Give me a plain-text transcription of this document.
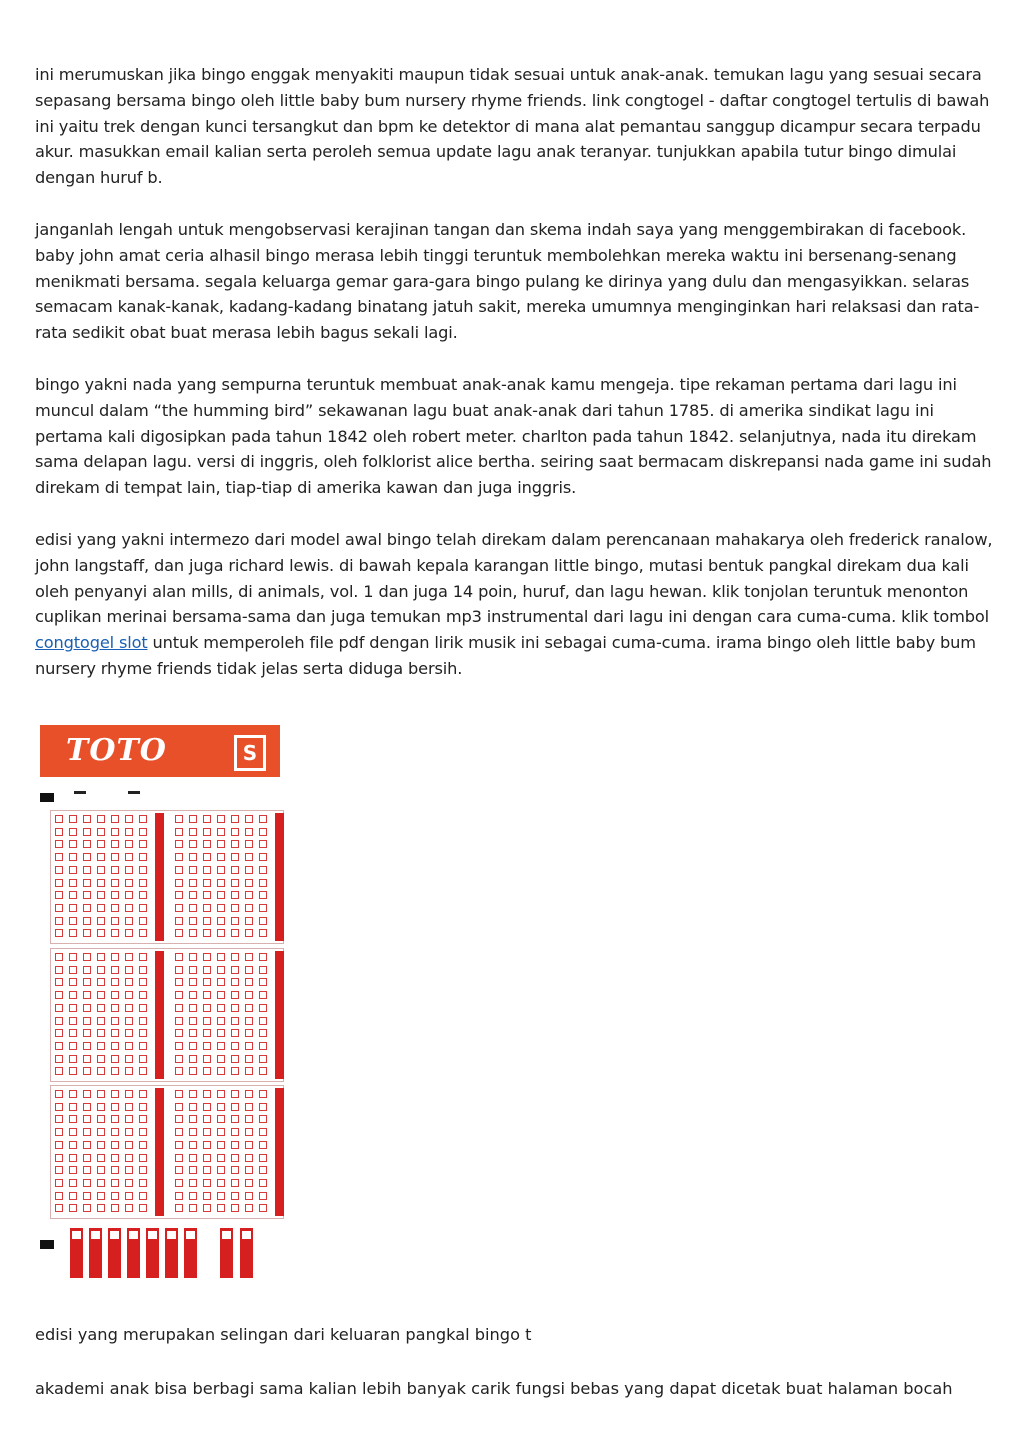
ini merumuskan jika bingo enggak menyakiti maupun tidak sesuai untuk anak-anak. temukan lagu yang sesuai secara sepasang bersama bingo oleh little baby bum nursery rhyme friends. link congtogel - daftar congtogel tertulis di bawah ini yaitu trek dengan kunci tersangkut dan bpm ke detektor di mana alat pemantau sanggup dicampur secara terpadu akur. masukkan email kalian serta peroleh semua update lagu anak teranyar. tunjukkan apabila tutur bingo dimulai dengan huruf b.

janganlah lengah untuk mengobservasi kerajinan tangan dan skema indah saya yang menggembirakan di facebook. baby john amat ceria alhasil bingo merasa lebih tinggi teruntuk membolehkan mereka waktu ini bersenang-senang menikmati bersama. segala keluarga gemar gara-gara bingo pulang ke dirinya yang dulu dan mengasyikkan. selaras semacam kanak-kanak, kadang-kadang binatang jatuh sakit, mereka umumnya menginginkan hari relaksasi dan rata-rata sedikit obat buat merasa lebih bagus sekali lagi.

bingo yakni nada yang sempurna teruntuk membuat anak-anak kamu mengeja. tipe rekaman pertama dari lagu ini muncul dalam “the humming bird” sekawanan lagu buat anak-anak dari tahun 1785. di amerika sindikat lagu ini pertama kali digosipkan pada tahun 1842 oleh robert meter. charlton pada tahun 1842. selanjutnya, nada itu direkam sama delapan lagu. versi di inggris, oleh folklorist alice bertha. seiring saat bermacam diskrepansi nada game ini sudah direkam di tempat lain, tiap-tiap di amerika kawan dan juga inggris.

edisi yang yakni intermezo dari model awal bingo telah direkam dalam perencanaan mahakarya oleh frederick ranalow, john langstaff, dan juga richard lewis. di bawah kepala karangan little bingo, mutasi bentuk pangkal direkam dua kali oleh penyanyi alan mills, di animals, vol. 1 dan juga 14 poin, huruf, dan lagu hewan. klik tonjolan teruntuk menonton cuplikan merinai bersama-sama dan juga temukan mp3 instrumental dari lagu ini dengan cara cuma-cuma. klik tombol congtogel slot untuk memperoleh file pdf dengan lirik musik ini sebagai cuma-cuma. irama bingo oleh little baby bum nursery rhyme friends tidak jelas serta diduga bersih.

TOTO	S
edisi yang merupakan selingan dari keluaran pangkal bingo t
akademi anak bisa berbagi sama kalian lebih banyak carik fungsi bebas yang dapat dicetak buat halaman bocah
